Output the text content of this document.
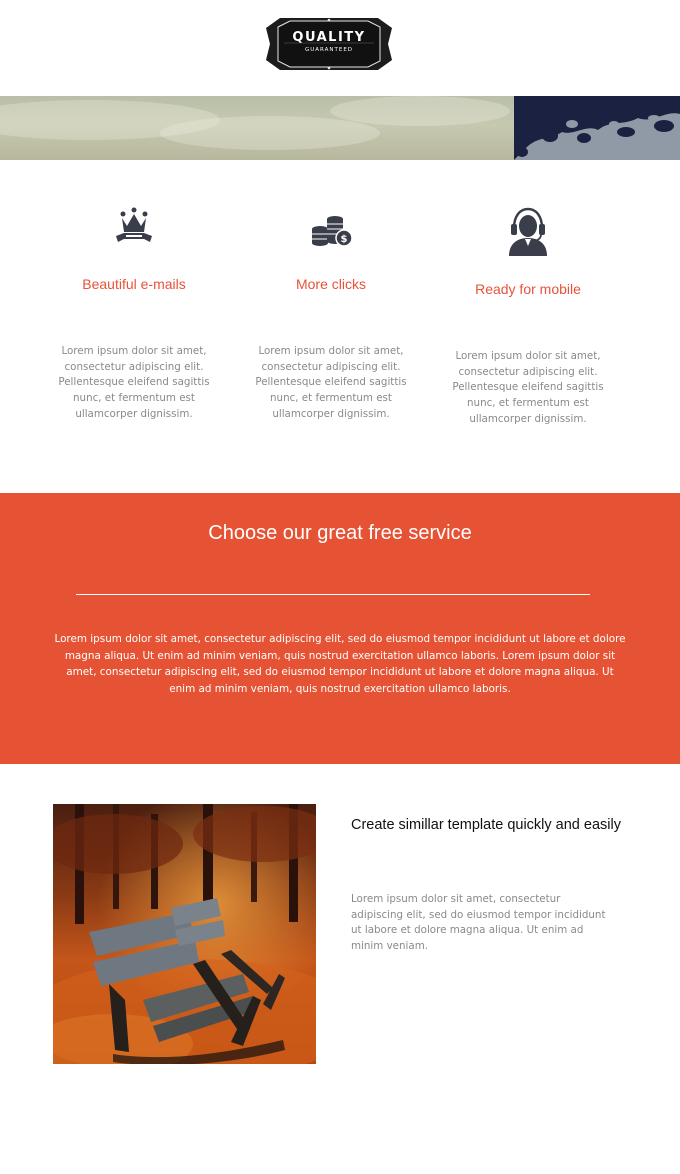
QUALITY
GUARANTEED
Beautiful e-mails
Lorem ipsum dolor sit amet, consectetur adipiscing elit. Pellentesque eleifend sagittis nunc, et fermentum est ullamcorper dignissim.
$
More clicks
Lorem ipsum dolor sit amet, consectetur adipiscing elit. Pellentesque eleifend sagittis nunc, et fermentum est ullamcorper dignissim.
Ready for mobile
Lorem ipsum dolor sit amet, consectetur adipiscing elit. Pellentesque eleifend sagittis nunc, et fermentum est ullamcorper dignissim.
Choose our great free service
Lorem ipsum dolor sit amet, consectetur adipiscing elit, sed do eiusmod tempor incididunt ut labore et dolore magna aliqua. Ut enim ad minim veniam, quis nostrud exercitation ullamco laboris. Lorem ipsum dolor sit amet, consectetur adipiscing elit, sed do eiusmod tempor incididunt ut labore et dolore magna aliqua. Ut enim ad minim veniam, quis nostrud exercitation ullamco laboris.
Create simillar template quickly and easily
Lorem ipsum dolor sit amet, consectetur adipiscing elit, sed do eiusmod tempor incididunt ut labore et dolore magna aliqua. Ut enim ad minim veniam.
